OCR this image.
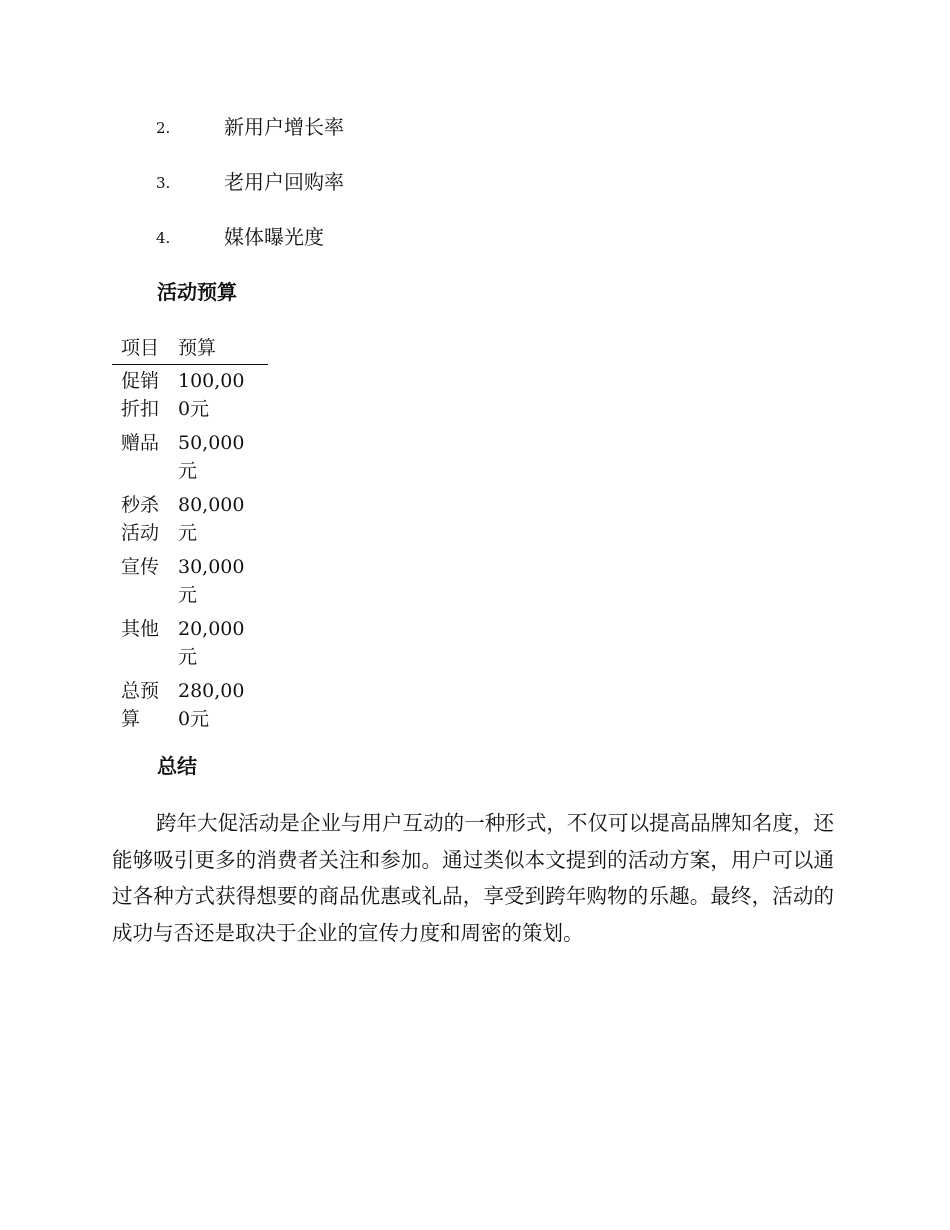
2.	新用户增长率
3.	老用户回购率
4.	媒体曝光度
活动预算
项目	预算

促销折扣	100,000元

赠品	50,000元

秒杀活动	80,000元

宣传	30,000元

其他	20,000元

总预算	280,000元
总结

跨年大促活动是企业与用户互动的一种形式，不仅可以提高品牌知名度，还能够吸引更多的消费者关注和参加。通过类似本文提到的活动方案，用户可以通过各种方式获得想要的商品优惠或礼品，享受到跨年购物的乐趣。最终，活动的成功与否还是取决于企业的宣传力度和周密的策划。
